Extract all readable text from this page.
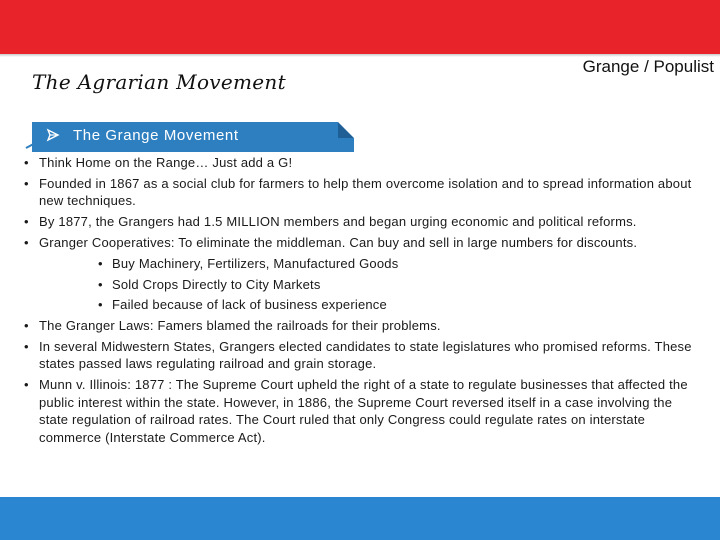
The Agrarian Movement
Grange / Populist
The Grange Movement
• Think Home on the Range… Just add a G!
• Founded in 1867 as a social club for farmers to help them overcome isolation and to spread information about new techniques.
• By 1877, the Grangers had 1.5 MILLION members and began urging economic and political reforms.
• Granger Cooperatives: To eliminate the middleman. Can buy and sell in large numbers for discounts.
• Buy Machinery, Fertilizers, Manufactured Goods
• Sold Crops Directly to City Markets
• Failed because of lack of business experience
• The Granger Laws: Famers blamed the railroads for their problems.
• In several Midwestern States, Grangers elected candidates to state legislatures who promised reforms. These states passed laws regulating railroad and grain storage.
• Munn v. Illinois: 1877 : The Supreme Court upheld the right of a state to regulate businesses that affected the public interest within the state. However, in 1886, the Supreme Court reversed itself in a case involving the state regulation of railroad rates. The Court ruled that only Congress could regulate rates on interstate commerce (Interstate Commerce Act).
